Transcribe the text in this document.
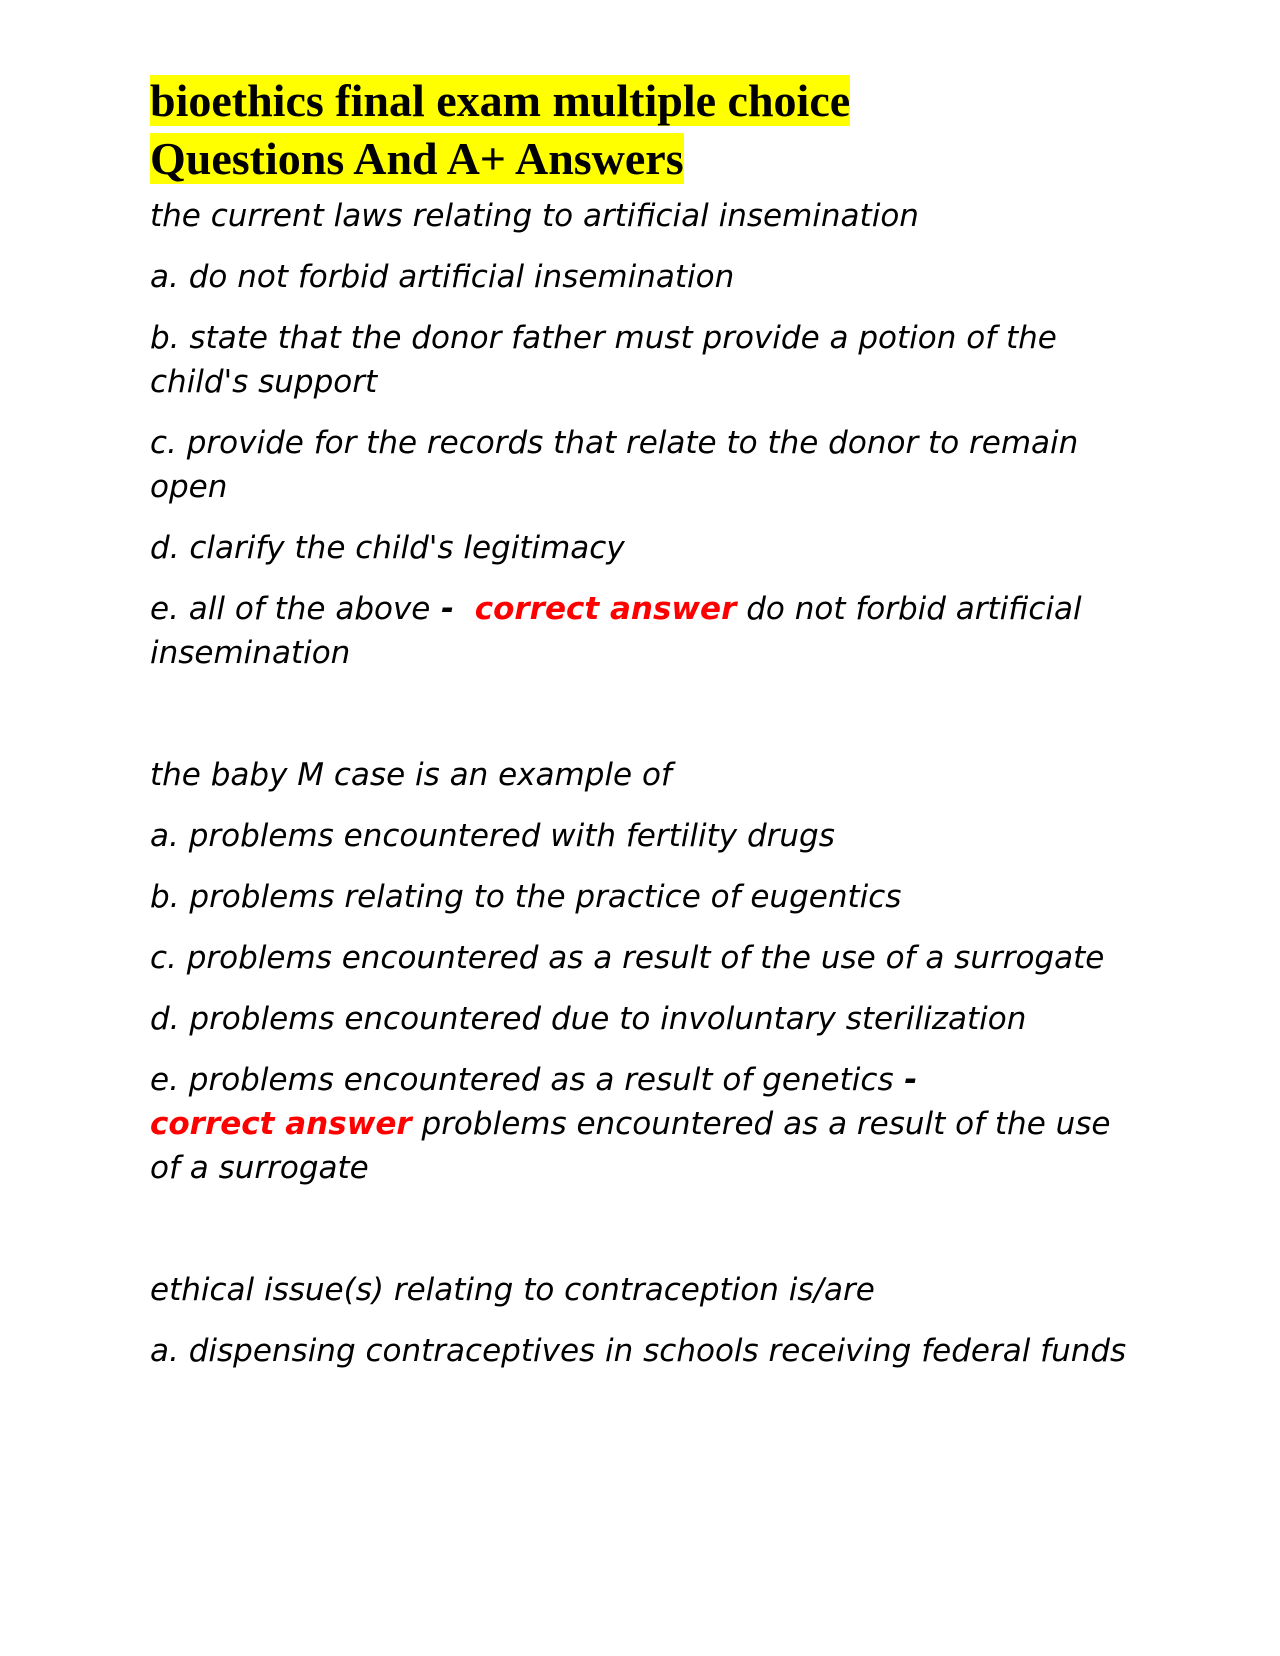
bioethics final exam multiple choice
Questions And A+ Answers

the current laws relating to artificial insemination

a. do not forbid artificial insemination

b. state that the donor father must provide a potion of the child's support

c. provide for the records that relate to the donor to remain open

d. clarify the child's legitimacy

e. all of the above -  correct answer do not forbid artificial insemination

the baby M case is an example of

a. problems encountered with fertility drugs

b. problems relating to the practice of eugentics

c. problems encountered as a result of the use of a surrogate

d. problems encountered due to involuntary sterilization

e. problems encountered as a result of genetics -
correct answer problems encountered as a result of the use of a surrogate

ethical issue(s) relating to contraception is/are

a. dispensing contraceptives in schools receiving federal funds
